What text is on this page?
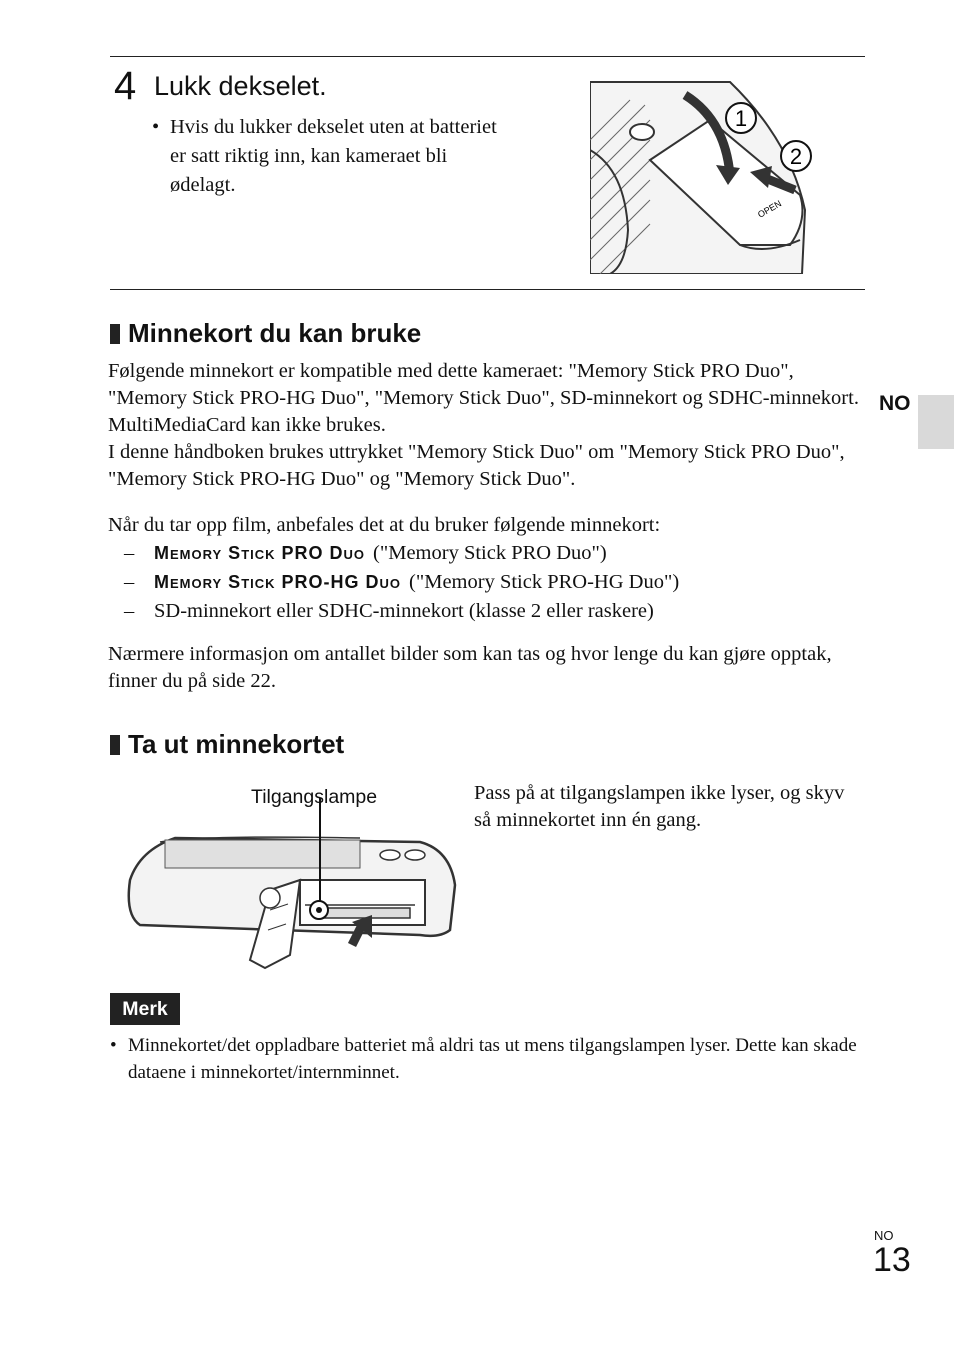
4 Lukk dekselet.
• Hvis du lukker dekselet uten at batteriet er satt riktig inn, kan kameraet bli ødelagt.
1
2
OPEN
Minnekort du kan bruke

Følgende minnekort er kompatible med dette kameraet: "Memory Stick PRO Duo", "Memory Stick PRO-HG Duo", "Memory Stick Duo", SD-minnekort og SDHC-minnekort. MultiMediaCard kan ikke brukes.

I denne håndboken brukes uttrykket "Memory Stick Duo" om "Memory Stick PRO Duo", "Memory Stick PRO-HG Duo" og "Memory Stick Duo".

Når du tar opp film, anbefales det at du bruker følgende minnekort:

–	Memory Stick PRO Duo ("Memory Stick PRO Duo")
–	Memory Stick PRO-HG Duo ("Memory Stick PRO-HG Duo")
– SD-minnekort eller SDHC-minnekort (klasse 2 eller raskere)

Nærmere informasjon om antallet bilder som kan tas og hvor lenge du kan gjøre opptak, finner du på side 22.

NO
Ta ut minnekortet
Tilgangslampe	Pass på at tilgangslampen ikke lyser, og skyv så minnekortet inn én gang.
Merk
• Minnekortet/det oppladbare batteriet må aldri tas ut mens tilgangslampen lyser. Dette kan skade dataene i minnekortet/internminnet.
NO
13
